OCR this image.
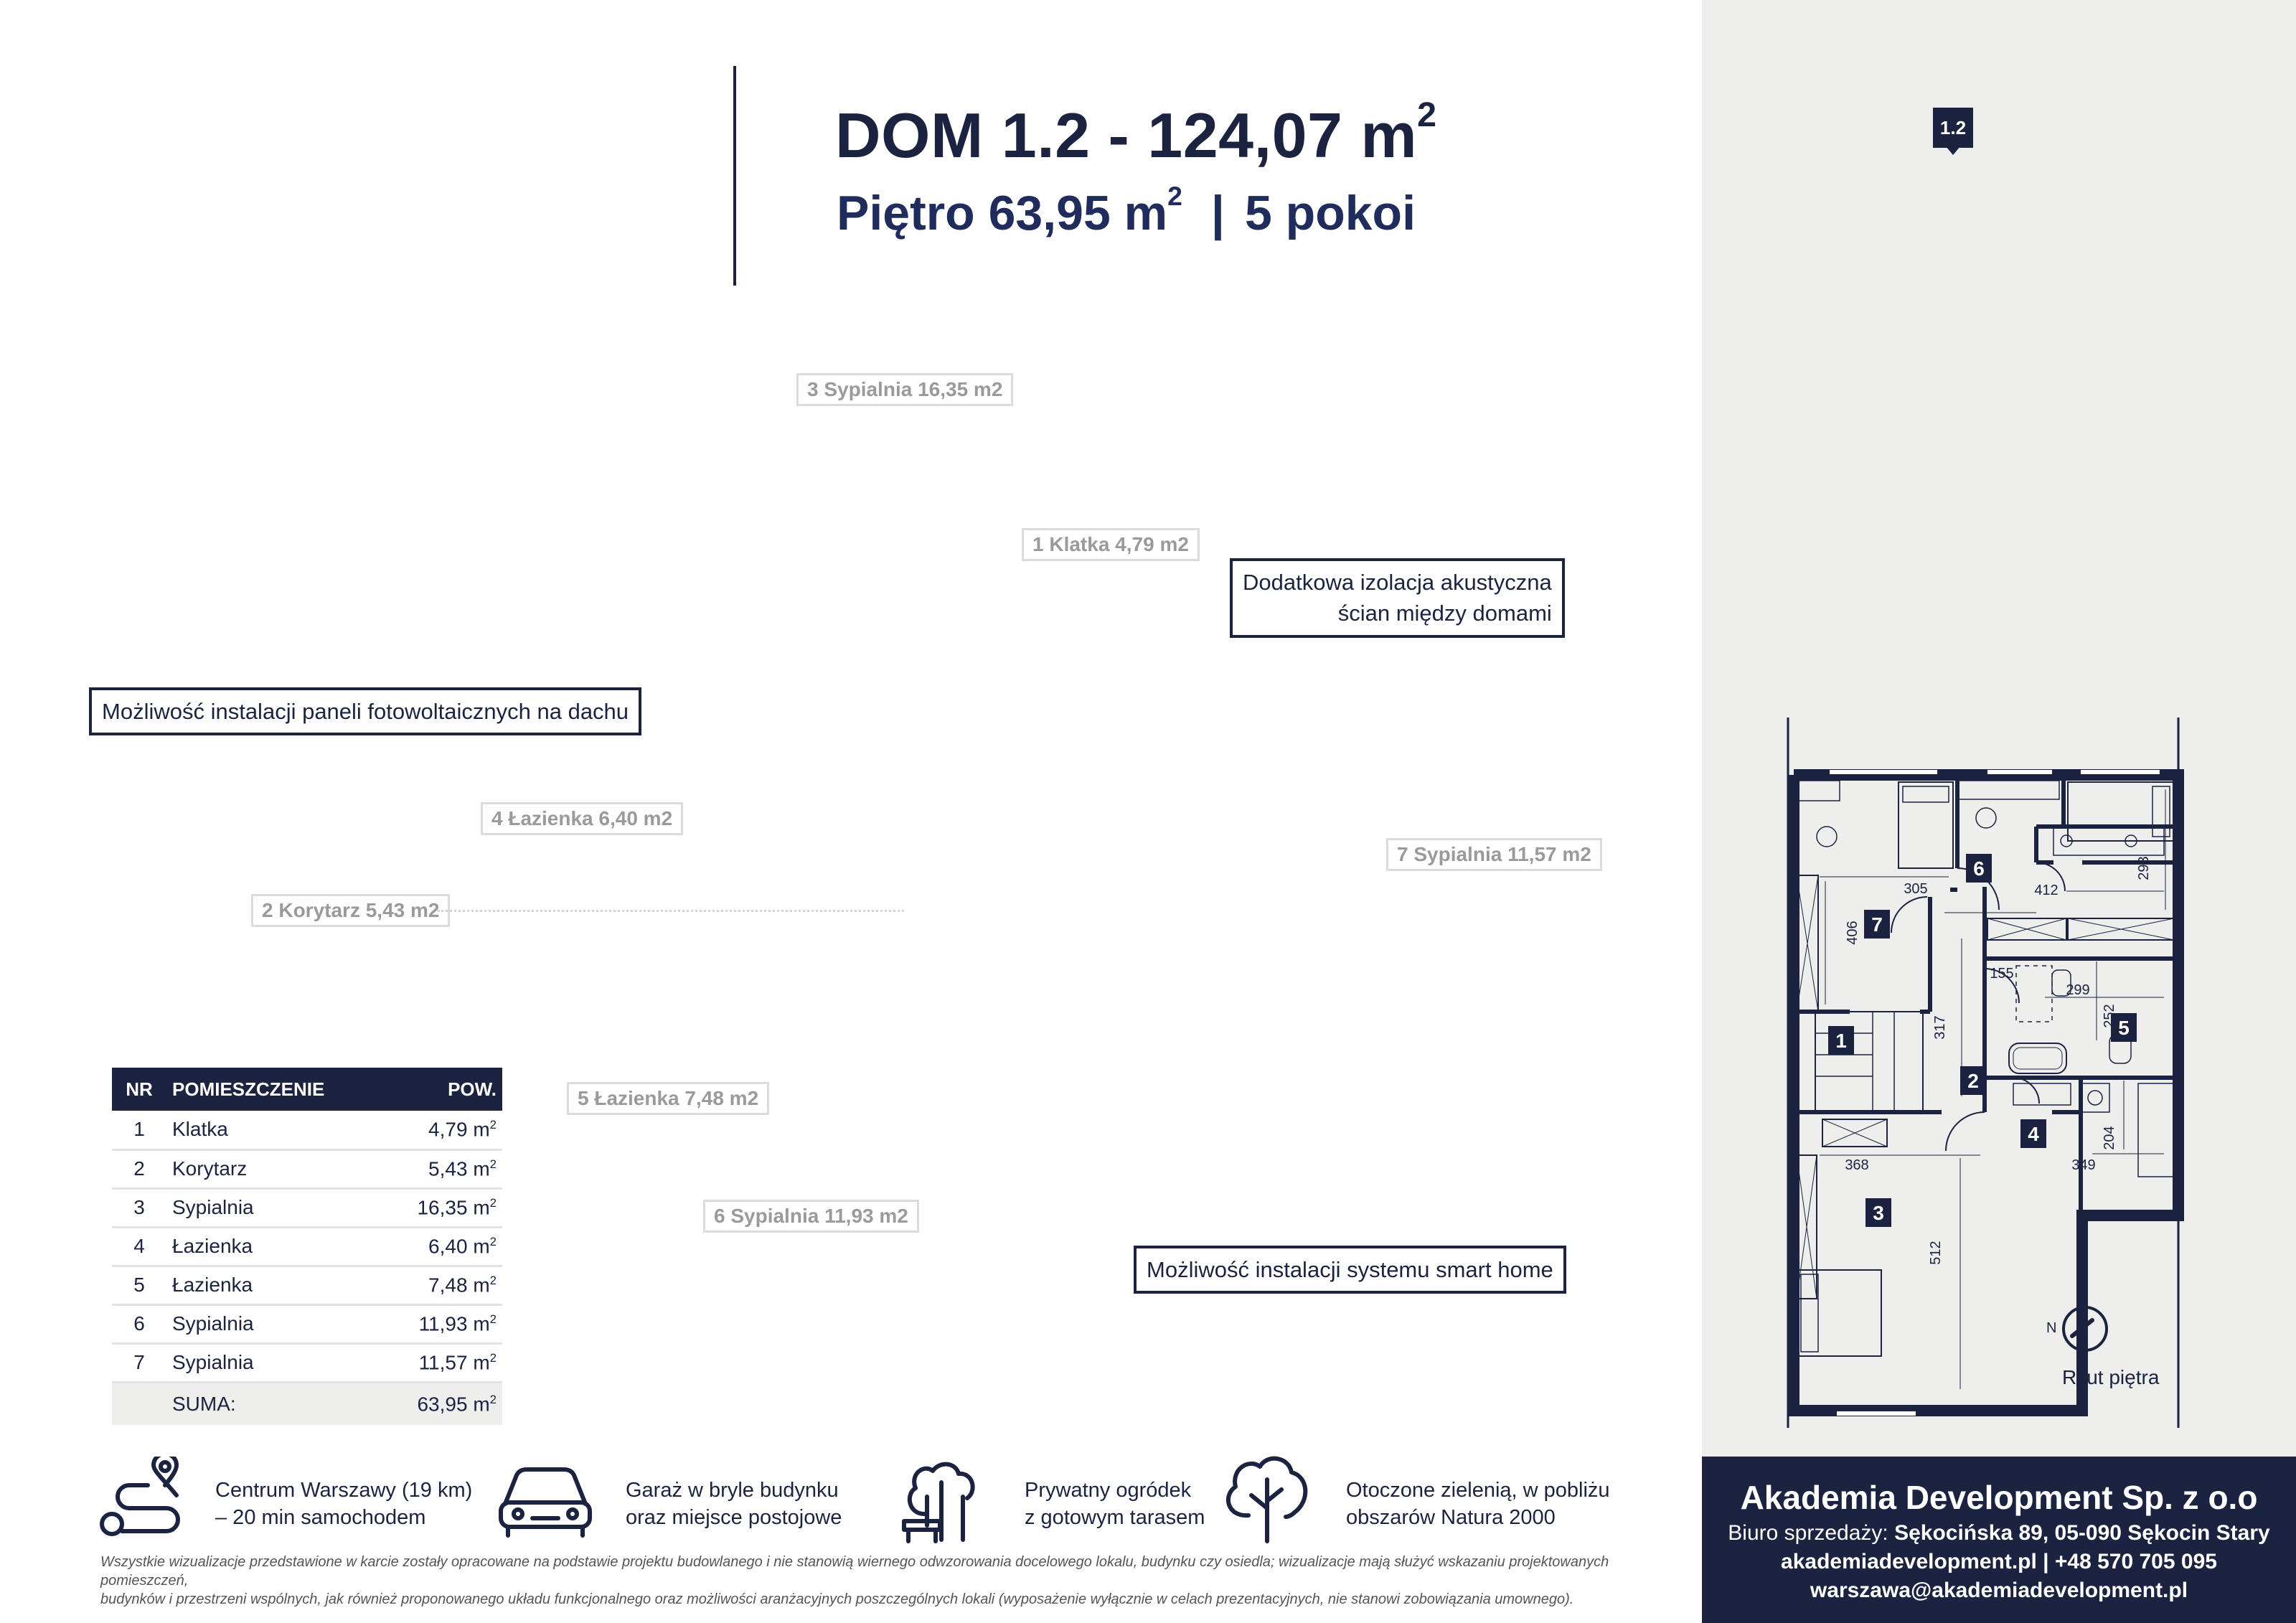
DOM 1.2 - 124,07 $m^2$
Piętro 63,95 $m^2$ | 5 pokoi
1.2
3 Sypialnia 16,35 m2
1 Klatka 4,79 m2
4 Łazienka 6,40 m2
2 Korytarz 5,43 m2
7 Sypialnia 11,57 m2
5 Łazienka 7,48 m2
6 Sypialnia 11,93 m2
Dodatkowa izolacja akustyczna
ścian między domami
Możliwość instalacji paneli fotowoltaicznych na dachu
Możliwość instalacji systemu smart home
NR	POMIESZCZENIE	POW.
1	Klatka	4,79 $m^2$
2	Korytarz	5,43 $m^2$
3	Sypialnia	16,35 $m^2$
4	Łazienka	6,40 $m^2$
5	Łazienka	7,48 $m^2$
6	Sypialnia	11,93 $m^2$
7	Sypialnia	11,57 $m^2$
	SUMA:	63,95 $m^2$
1
2
3
4
5
6
7
305
406
412
293
155
299
252
317
368	349
204
512
N
Rzut piętra
Centrum Warszawy (19 km)
– 20 min samochodem
Garaż w bryle budynku
oraz miejsce postojowe
Prywatny ogródek
z gotowym tarasem
Otoczone zielenią, w pobliżu
obszarów Natura 2000
Wszystkie wizualizacje przedstawione w karcie zostały opracowane na podstawie projektu budowlanego i nie stanowią wiernego odwzorowania docelowego lokalu, budynku czy osiedla; wizualizacje mają służyć wskazaniu projektowanych pomieszczeń,
budynków i przestrzeni wspólnych, jak również proponowanego układu funkcjonalnego oraz możliwości aranżacyjnych poszczególnych lokali (wyposażenie wyłącznie w celach prezentacyjnych, nie stanowi zobowiązania umownego).
Akademia Development Sp. z o.o
Biuro sprzedaży: Sękocińska 89, 05-090 Sękocin Stary
akademiadevelopment.pl | +48 570 705 095
warszawa@akademiadevelopment.pl
